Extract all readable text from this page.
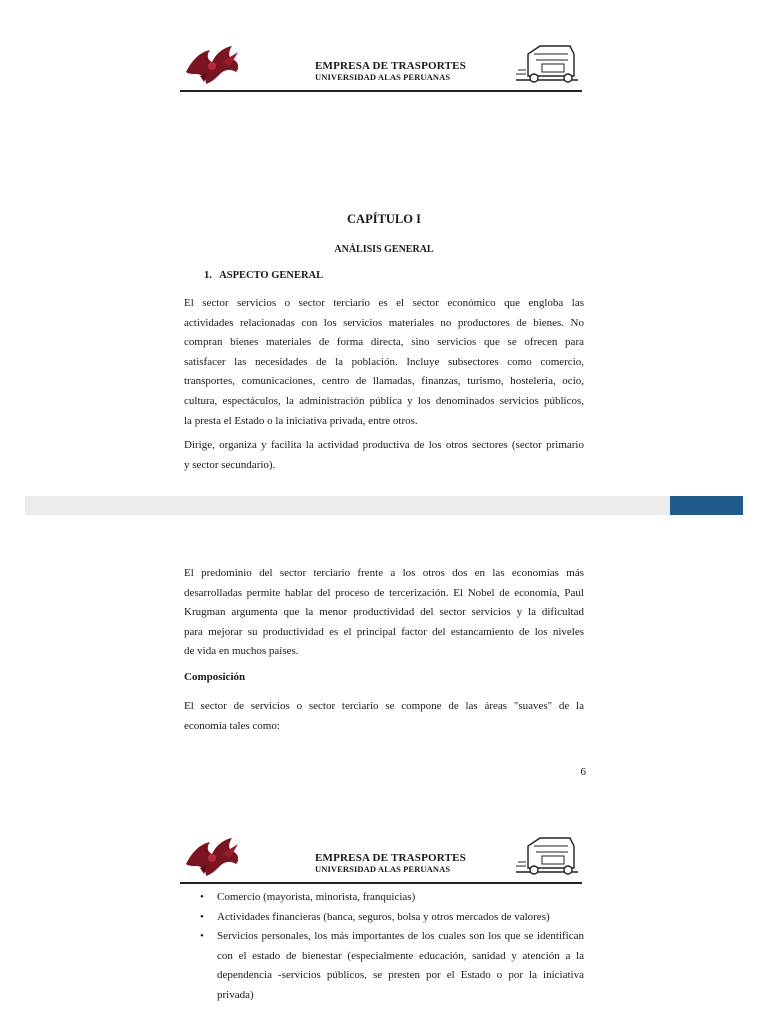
EMPRESA DE TRASPORTES
UNIVERSIDAD ALAS PERUANAS
CAPÍTULO I
ANÁLISIS GENERAL
1.   ASPECTO GENERAL
El sector servicios o sector terciario es el sector económico que engloba las
actividades relacionadas con los servicios materiales no productores de bienes. No
compran bienes materiales de forma directa, sino servicios que se ofrecen para
satisfacer las necesidades de la población. Incluye subsectores como comercio,
transportes, comunicaciones, centro de llamadas, finanzas, turismo, hostelería, ocio,
cultura, espectáculos, la administración pública y los denominados servicios públicos,
la presta el Estado o la iniciativa privada, entre otros.
Dirige, organiza y facilita la actividad productiva de los otros sectores (sector primario
y sector secundario).
El predominio del sector terciario frente a los otros dos en las economías más
desarrolladas permite hablar del proceso de tercerización. El Nobel de economía, Paul
Krugman argumenta que la menor productividad del sector servicios y la dificultad
para mejorar su productividad es el principal factor del estancamiento de los niveles
de vida en muchos países.
Composición
El sector de servicios o sector terciario se compone de las áreas "suaves" de la
economía tales como:
6
EMPRESA DE TRASPORTES
UNIVERSIDAD ALAS PERUANAS
• Comercio (mayorista, minorista, franquicias)
• Actividades financieras (banca, seguros, bolsa y otros mercados de valores)
• Servicios personales, los más importantes de los cuales son los que se identifican con el estado de bienestar (especialmente educación, sanidad y atención a la dependencia -servicios públicos, se presten por el Estado o por la iniciativa privada)
